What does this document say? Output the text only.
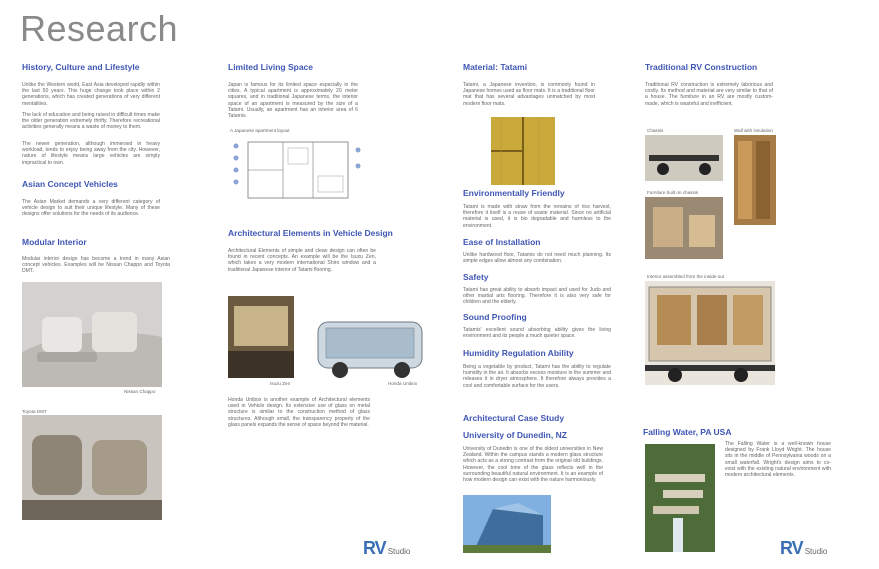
Research
History, Culture and Lifestyle
Unlike the Western world, East Asia developed rapidly within the last 50 years. This huge change took place within 2 generations, which has created generations of very different mentalities.
The lack of education and being raised in difficult times make the older generation extremely thrifty. Therefore recreational activities generally means a waste of money to them.
The newer generation, although immersed in heavy workload, tends to enjoy being away from the city. However, nature of lifestyle means large vehicles are simply impractical to own.
Asian Concept Vehicles
The Asian Market demands a very different category of vehicle design to suit their unique lifestyle. Many of these designs offer solutions for the needs of its audience.
Modular Interior
Modular interior design has become a trend in many Asian concept vehicles. Examples will be Nissan Chappo and Toyota DMT.
Nissan Chappo
Toyota DMT
Limited Living Space
Japan is famous for its limited space especially in the cities. A typical apartment is approximately 20 meter squares, and in traditional Japanese terms, the interior space of an apartment is measured by the size of a Tatami. Usually, an apartment has an interior area of 6 Tatamis.
A Japanese apartment layout
Architectural Elements in Vehicle Design
Architectural Elements of simple and clean design can often be found in recent concepts. An example will be the Isuzu Zen, which takes a very modern international Shiro window and a traditional Japanese interior of Tatami flooring.
Isuzu Zen	Honda Unibox
Honda Unibox is another example of Architectural elements used in Vehicle design. Its extensive use of glass on metal structure is similar to the construction method of glass structures. Although small, the transparency property of the glass panels expands the sense of space beyond the material.
Material: Tatami
Tatami, a Japanese invention, is commonly found in Japanese homes used as floor mats. It is a traditional floor mat that has several advantages unmatched by most modern floor mats.
Environmentally Friendly
Tatami is made with straw from the remains of rice harvest, therefore it itself is a reuse of waste material. Since no artificial material is used, it is bio degradable and harmless to the environment.
Ease of Installation
Unlike hardwood floor, Tatamis do not need much planning. Its simple edges allow almost any combination.
Safety
Tatami has great ability to absorb impact and used for Judo and other martial arts flooring. Therefore it is also very safe for children and the elderly.
Sound Proofing
Tatamis' excellent sound absorbing ability gives the living environment and its people a much quieter space.
Humidity Regulation Ability
Being a vegetable by product, Tatami has the ability to regulate humidity in the air. It absorbs excess moisture in the summer and releases it in dryer atmosphere. It therefore always provides a cool and comfortable surface for the users.
Architectural Case Study
University of Dunedin, NZ
University of Dunedin is one of the oldest universities in New Zealand. Within the campus stands a modern glass structure which acts as a strong contrast from the original old buildings. However, the cool tone of the glass reflects well in the surrounding beautiful natural environment. It is an example of how modern design can exist with the nature harmoniously.
Traditional RV Construction
Traditional RV construction is extremely laborious and costly. Its method and material are very similar to that of a house. The furniture in an RV are mostly custom-made, which is wasteful and inefficient.
Chassis	Wall with insulation
Furniture built on chassis
Interior assembled from the inside-out
Falling Water, PA USA
The Falling Water is a well-known house designed by Frank Lloyd Wright. The house sits in the middle of Pennsylvania woods on a small waterfall. Wright's design aims to co-exist with the existing natural environment with modern architectural elements.
RV Studio	RV Studio
